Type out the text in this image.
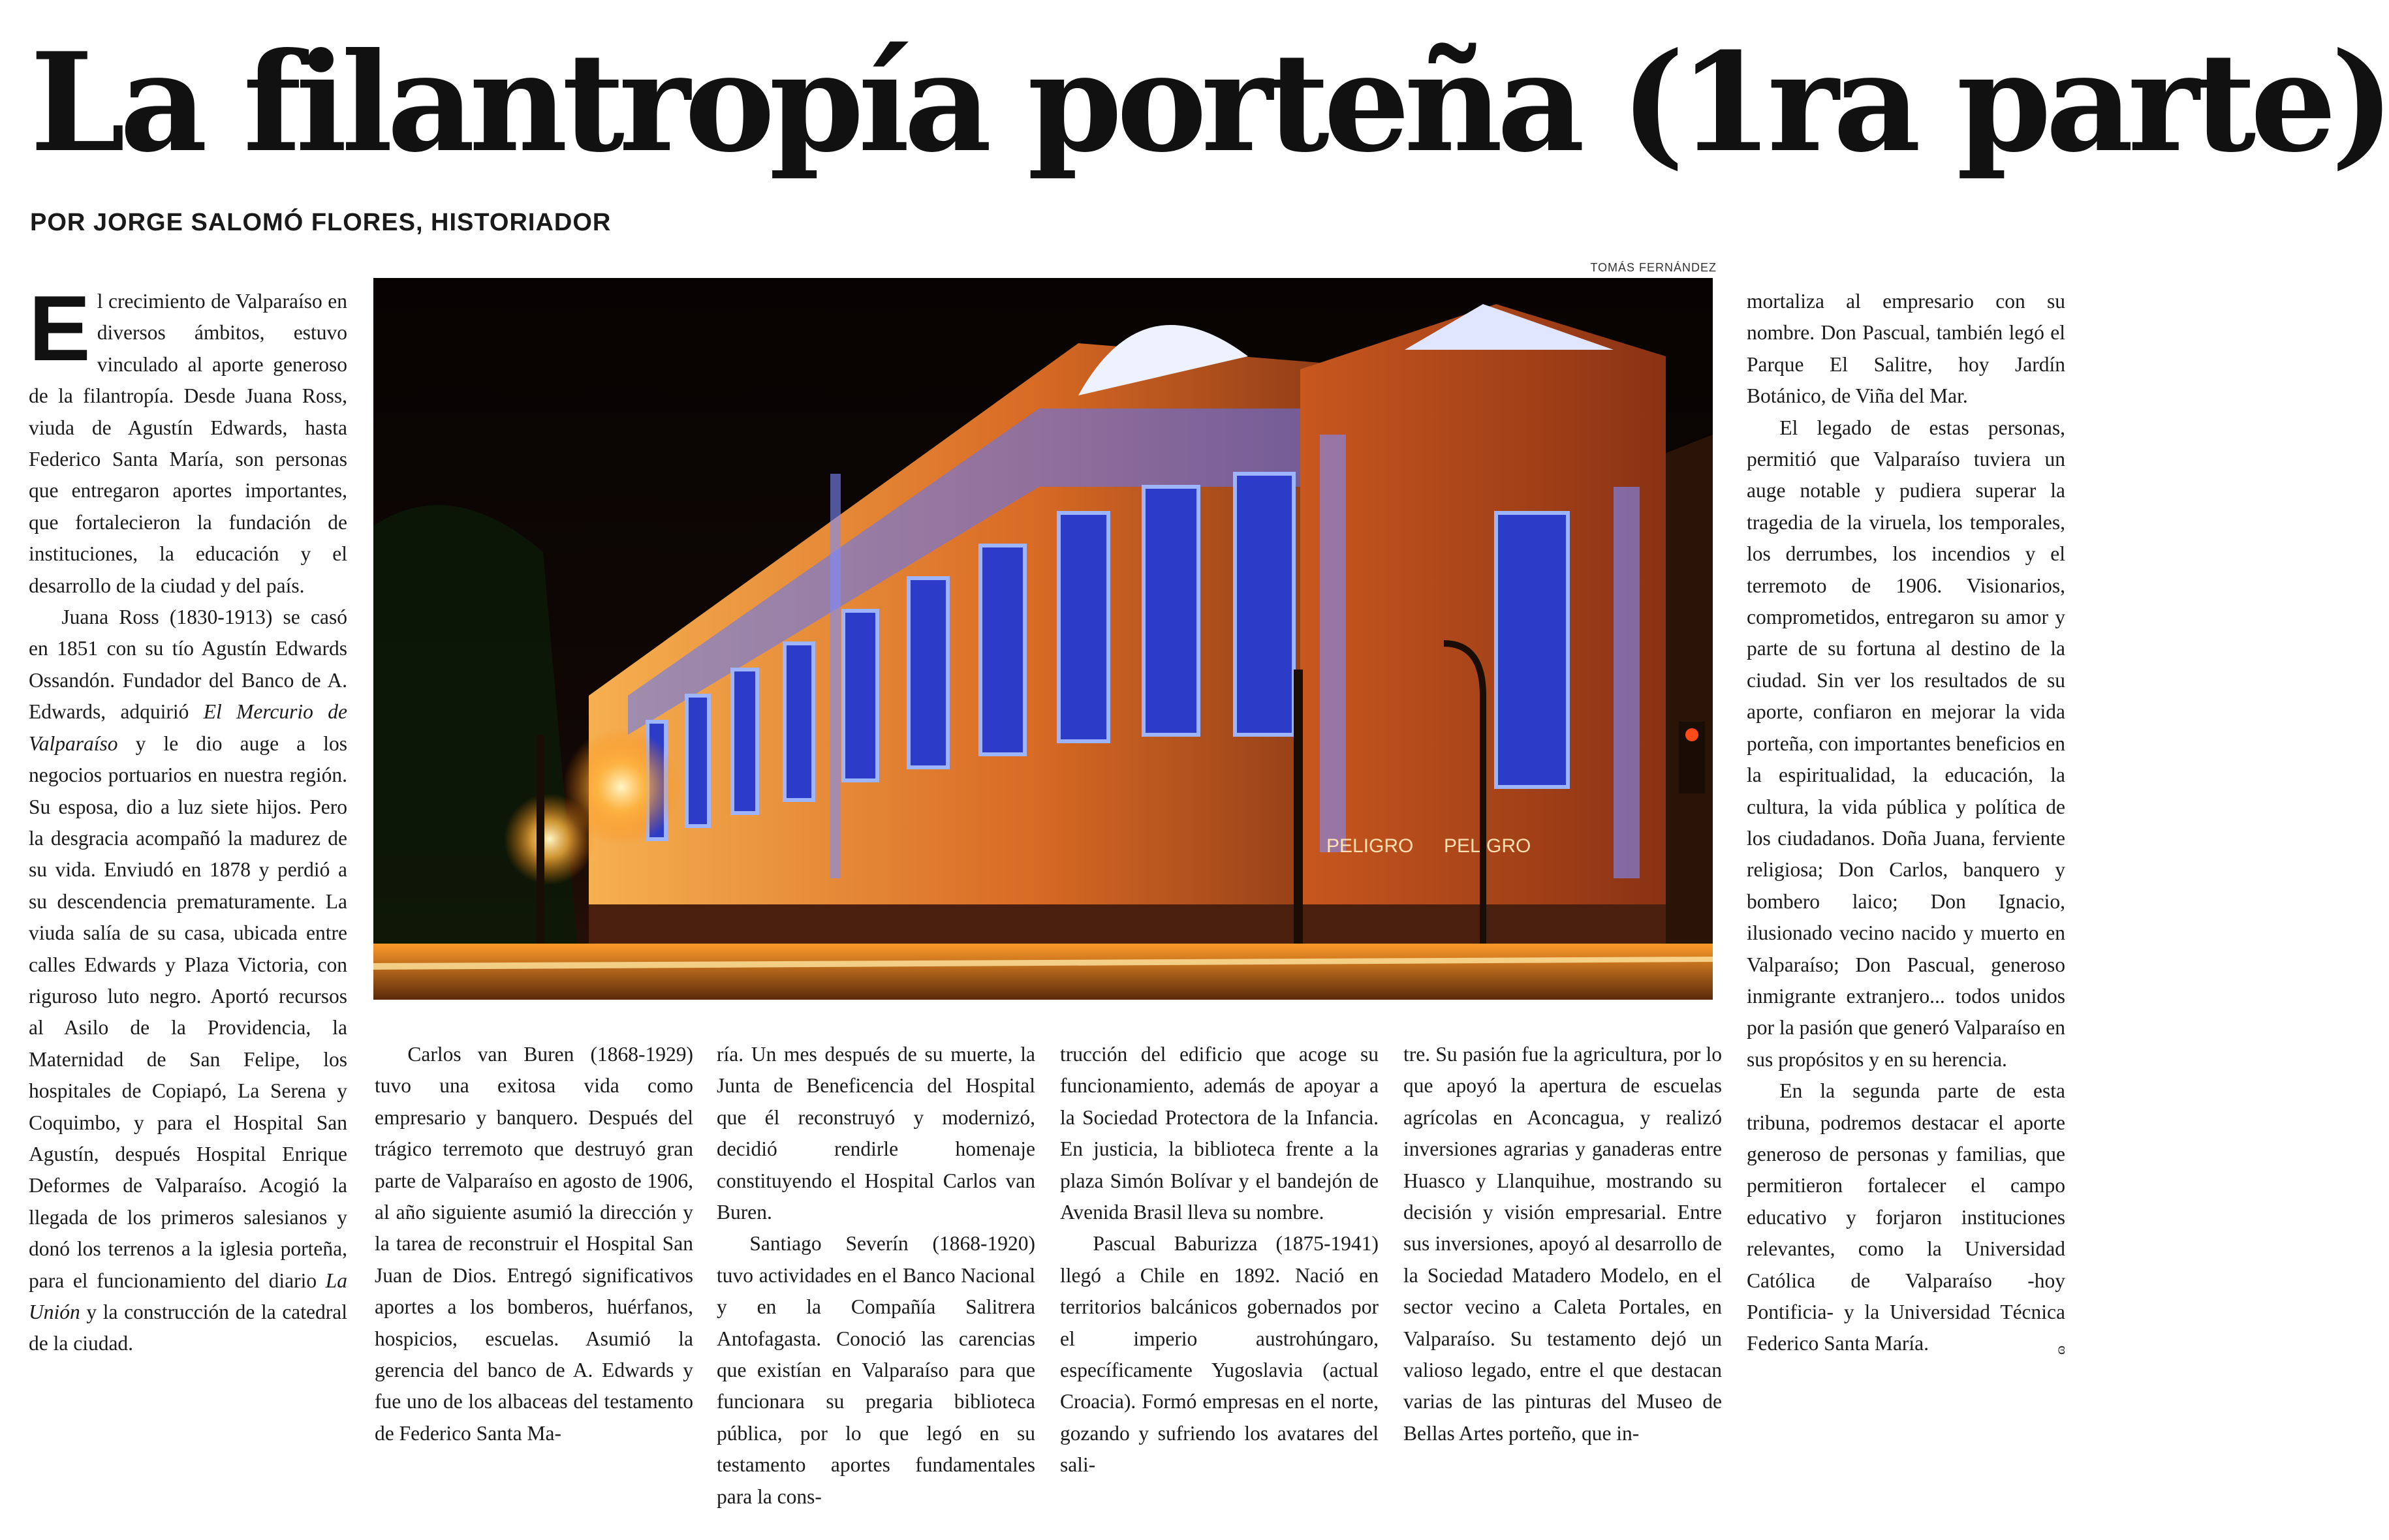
La filantropía porteña (1ra parte)
POR JORGE SALOMÓ FLORES, HISTORIADOR
TOMÁS FERNÁNDEZ
PELIGRO PELIGRO
E l crecimiento de Valparaíso en diversos ámbitos, estuvo vinculado al aporte generoso de la filantropía. Desde Juana Ross, viuda de Agustín Edwards, hasta Federico Santa María, son personas que entregaron aportes importantes, que fortalecieron la fundación de instituciones, la educación y el desarrollo de la ciudad y del país.

Juana Ross (1830-1913) se casó en 1851 con su tío Agustín Edwards Ossandón. Fundador del Banco de A. Edwards, adquirió El Mercurio de Valparaíso y le dio auge a los negocios portuarios en nuestra región. Su esposa, dio a luz siete hijos. Pero la desgracia acompañó la madurez de su vida. Enviudó en 1878 y perdió a su descendencia prematuramente. La viuda salía de su casa, ubicada entre calles Edwards y Plaza Victoria, con riguroso luto negro. Aportó recursos al Asilo de la Providencia, la Maternidad de San Felipe, los hospitales de Copiapó, La Serena y Coquimbo, y para el Hospital San Agustín, después Hospital Enrique Deformes de Valparaíso. Acogió la llegada de los primeros salesianos y donó los terrenos a la iglesia porteña, para el funcionamiento del diario La Unión y la construcción de la catedral de la ciudad.

Carlos van Buren (1868-1929) tuvo una exitosa vida como empresario y banquero. Después del trágico terremoto que destruyó gran parte de Valparaíso en agosto de 1906, al año siguiente asumió la dirección y la tarea de reconstruir el Hospital San Juan de Dios. Entregó significativos aportes a los bomberos, huérfanos, hospicios, escuelas. Asumió la gerencia del banco de A. Edwards y fue uno de los albaceas del testamento de Federico Santa Ma-

ría. Un mes después de su muerte, la Junta de Beneficencia del Hospital que él reconstruyó y modernizó, decidió rendirle homenaje constituyendo el Hospital Carlos van Buren.

Santiago Severín (1868-1920) tuvo actividades en el Banco Nacional y en la Compañía Salitrera Antofagasta. Conoció las carencias que existían en Valparaíso para que funcionara su pregaria biblioteca pública, por lo que legó en su testamento aportes fundamentales para la cons-

trucción del edificio que acoge su funcionamiento, además de apoyar a la Sociedad Protectora de la Infancia. En justicia, la biblioteca frente a la plaza Simón Bolívar y el bandejón de Avenida Brasil lleva su nombre.

Pascual Baburizza (1875-1941) llegó a Chile en 1892. Nació en territorios balcánicos gobernados por el imperio austrohúngaro, específicamente Yugoslavia (actual Croacia). Formó empresas en el norte, gozando y sufriendo los avatares del sali-

tre. Su pasión fue la agricultura, por lo que apoyó la apertura de escuelas agrícolas en Aconcagua, y realizó inversiones agrarias y ganaderas entre Huasco y Llanquihue, mostrando su decisión y visión empresarial. Entre sus inversiones, apoyó al desarrollo de la Sociedad Matadero Modelo, en el sector vecino a Caleta Portales, en Valparaíso. Su testamento dejó un valioso legado, entre el que destacan varias de las pinturas del Museo de Bellas Artes porteño, que in-

mortaliza al empresario con su nombre. Don Pascual, también legó el Parque El Salitre, hoy Jardín Botánico, de Viña del Mar.

El legado de estas personas, permitió que Valparaíso tuviera un auge notable y pudiera superar la tragedia de la viruela, los temporales, los derrumbes, los incendios y el terremoto de 1906. Visionarios, comprometidos, entregaron su amor y parte de su fortuna al destino de la ciudad. Sin ver los resultados de su aporte, confiaron en mejorar la vida porteña, con importantes beneficios en la espiritualidad, la educación, la cultura, la vida pública y política de los ciudadanos. Doña Juana, ferviente religiosa; Don Carlos, banquero y bombero laico; Don Ignacio, ilusionado vecino nacido y muerto en Valparaíso; Don Pascual, generoso inmigrante extranjero... todos unidos por la pasión que generó Valparaíso en sus propósitos y en su herencia.

En la segunda parte de esta tribuna, podremos destacar el aporte generoso de personas y familias, que permitieron fortalecer el campo educativo y forjaron instituciones relevantes, como la Universidad Católica de Valparaíso -hoy Pontificia- y la Universidad Técnica Federico Santa María.	ɞ
